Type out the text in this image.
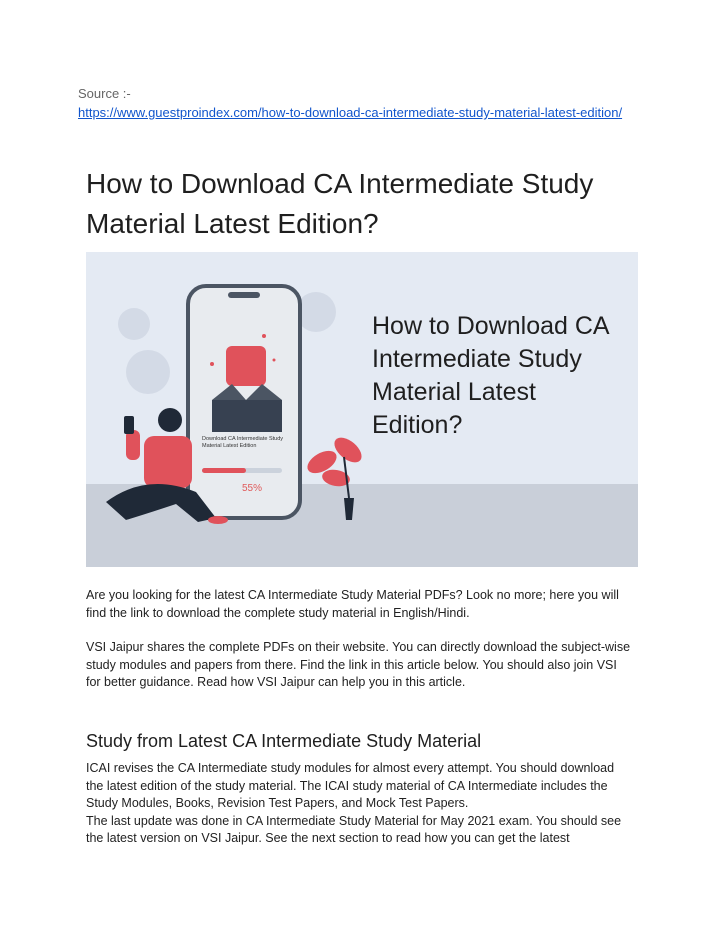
Source :-
https://www.guestproindex.com/how-to-download-ca-intermediate-study-material-latest-edition/
How to Download CA Intermediate Study Material Latest Edition?
How to Download CA Intermediate Study Material Latest Edition?
Download CA Intermediate Study Material Latest Edition
55%

Are you looking for the latest CA Intermediate Study Material PDFs? Look no more; here you will find the link to download the complete study material in English/Hindi.

VSI Jaipur shares the complete PDFs on their website. You can directly download the subject-wise study modules and papers from there. Find the link in this article below. You should also join VSI for better guidance. Read how VSI Jaipur can help you in this article.

Study from Latest CA Intermediate Study Material

ICAI revises the CA Intermediate study modules for almost every attempt. You should download the latest edition of the study material. The ICAI study material of CA Intermediate includes the Study Modules, Books, Revision Test Papers, and Mock Test Papers.
The last update was done in CA Intermediate Study Material for May 2021 exam. You should see the latest version on VSI Jaipur. See the next section to read how you can get the latest
